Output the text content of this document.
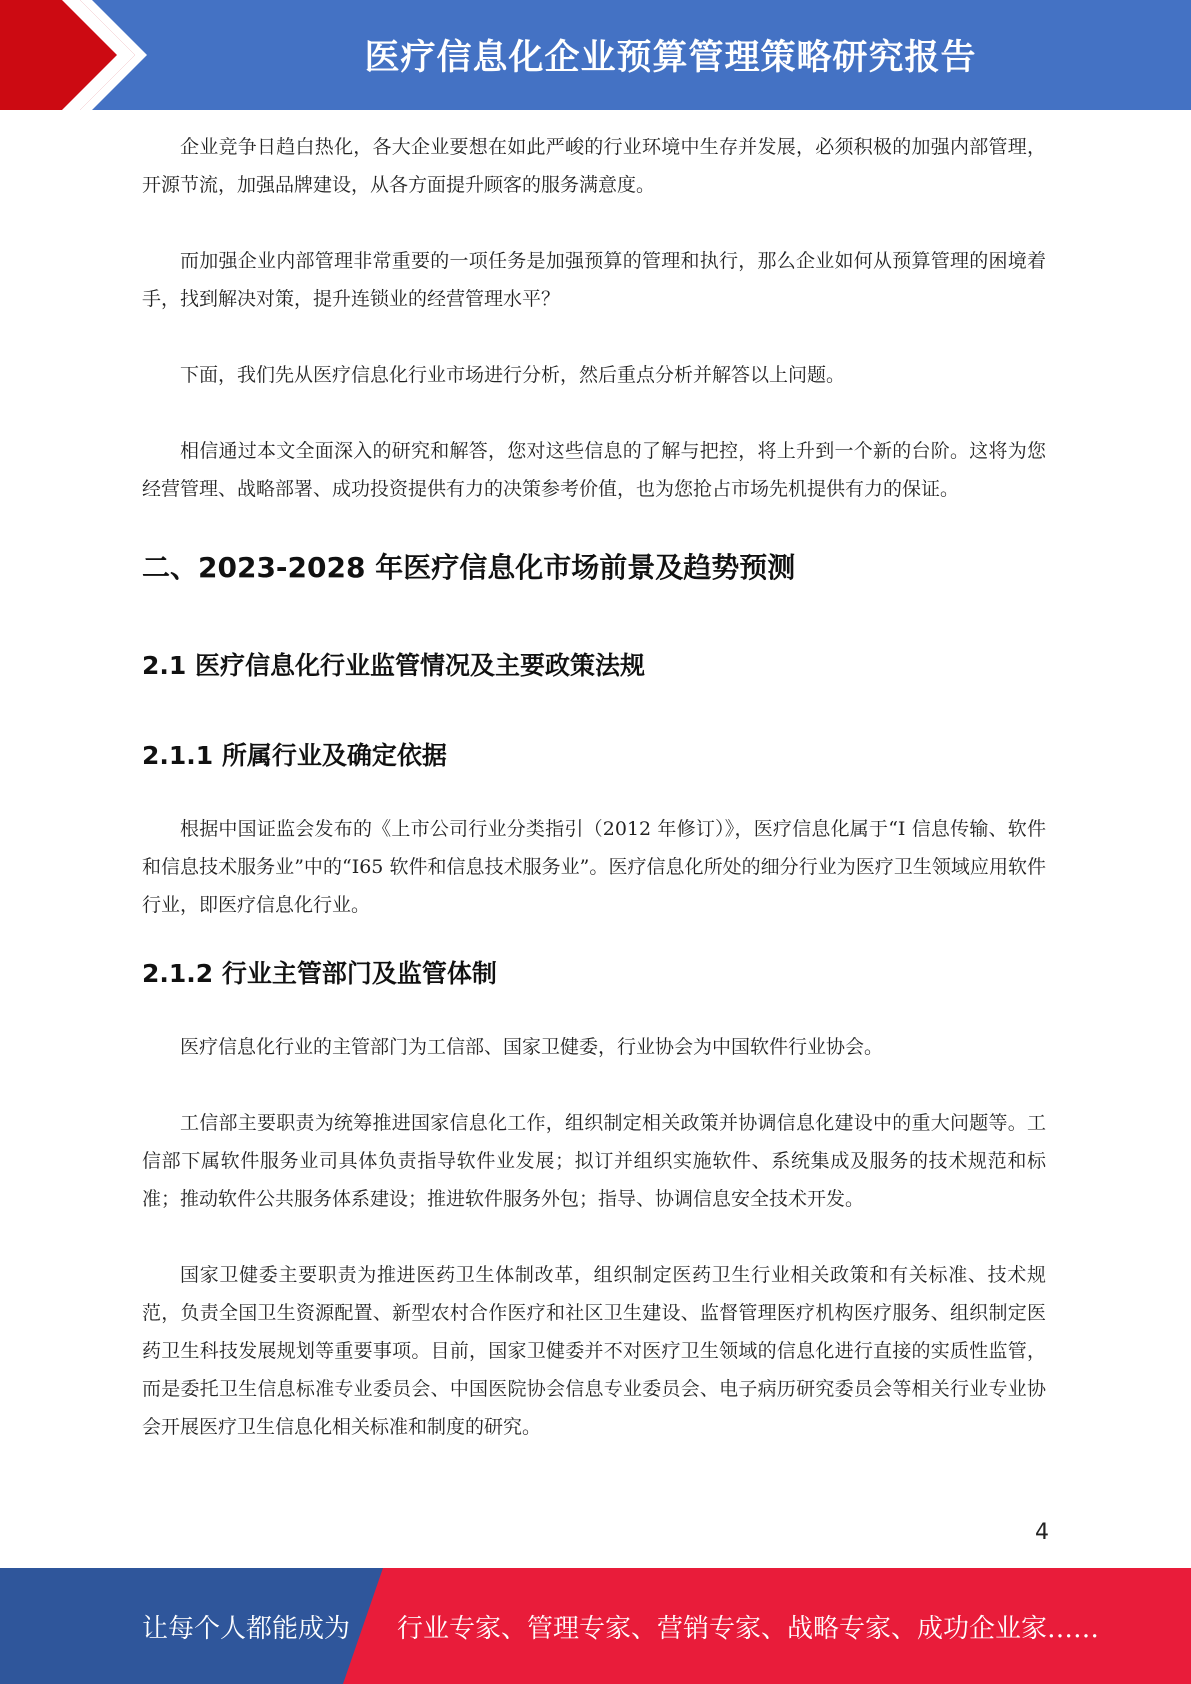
医疗信息化企业预算管理策略研究报告

企业竞争日趋白热化，各大企业要想在如此严峻的行业环境中生存并发展，必须积极的加强内部管理，开源节流，加强品牌建设，从各方面提升顾客的服务满意度。

而加强企业内部管理非常重要的一项任务是加强预算的管理和执行，那么企业如何从预算管理的困境着手，找到解决对策，提升连锁业的经营管理水平？

下面，我们先从医疗信息化行业市场进行分析，然后重点分析并解答以上问题。

相信通过本文全面深入的研究和解答，您对这些信息的了解与把控，将上升到一个新的台阶。这将为您经营管理、战略部署、成功投资提供有力的决策参考价值，也为您抢占市场先机提供有力的保证。

二、2023-2028 年医疗信息化市场前景及趋势预测
2.1 医疗信息化行业监管情况及主要政策法规
2.1.1 所属行业及确定依据

根据中国证监会发布的《上市公司行业分类指引（2012 年修订）》，医疗信息化属于“I 信息传输、软件和信息技术服务业”中的“I65 软件和信息技术服务业”。医疗信息化所处的细分行业为医疗卫生领域应用软件行业，即医疗信息化行业。

2.1.2 行业主管部门及监管体制

医疗信息化行业的主管部门为工信部、国家卫健委，行业协会为中国软件行业协会。

工信部主要职责为统筹推进国家信息化工作，组织制定相关政策并协调信息化建设中的重大问题等。工信部下属软件服务业司具体负责指导软件业发展；拟订并组织实施软件、系统集成及服务的技术规范和标准；推动软件公共服务体系建设；推进软件服务外包；指导、协调信息安全技术开发。

国家卫健委主要职责为推进医药卫生体制改革，组织制定医药卫生行业相关政策和有关标准、技术规范，负责全国卫生资源配置、新型农村合作医疗和社区卫生建设、监督管理医疗机构医疗服务、组织制定医药卫生科技发展规划等重要事项。目前，国家卫健委并不对医疗卫生领域的信息化进行直接的实质性监管，而是委托卫生信息标准专业委员会、中国医院协会信息专业委员会、电子病历研究委员会等相关行业专业协会开展医疗卫生信息化相关标准和制度的研究。

4
让每个人都能成为 行业专家、管理专家、营销专家、战略专家、成功企业家……
